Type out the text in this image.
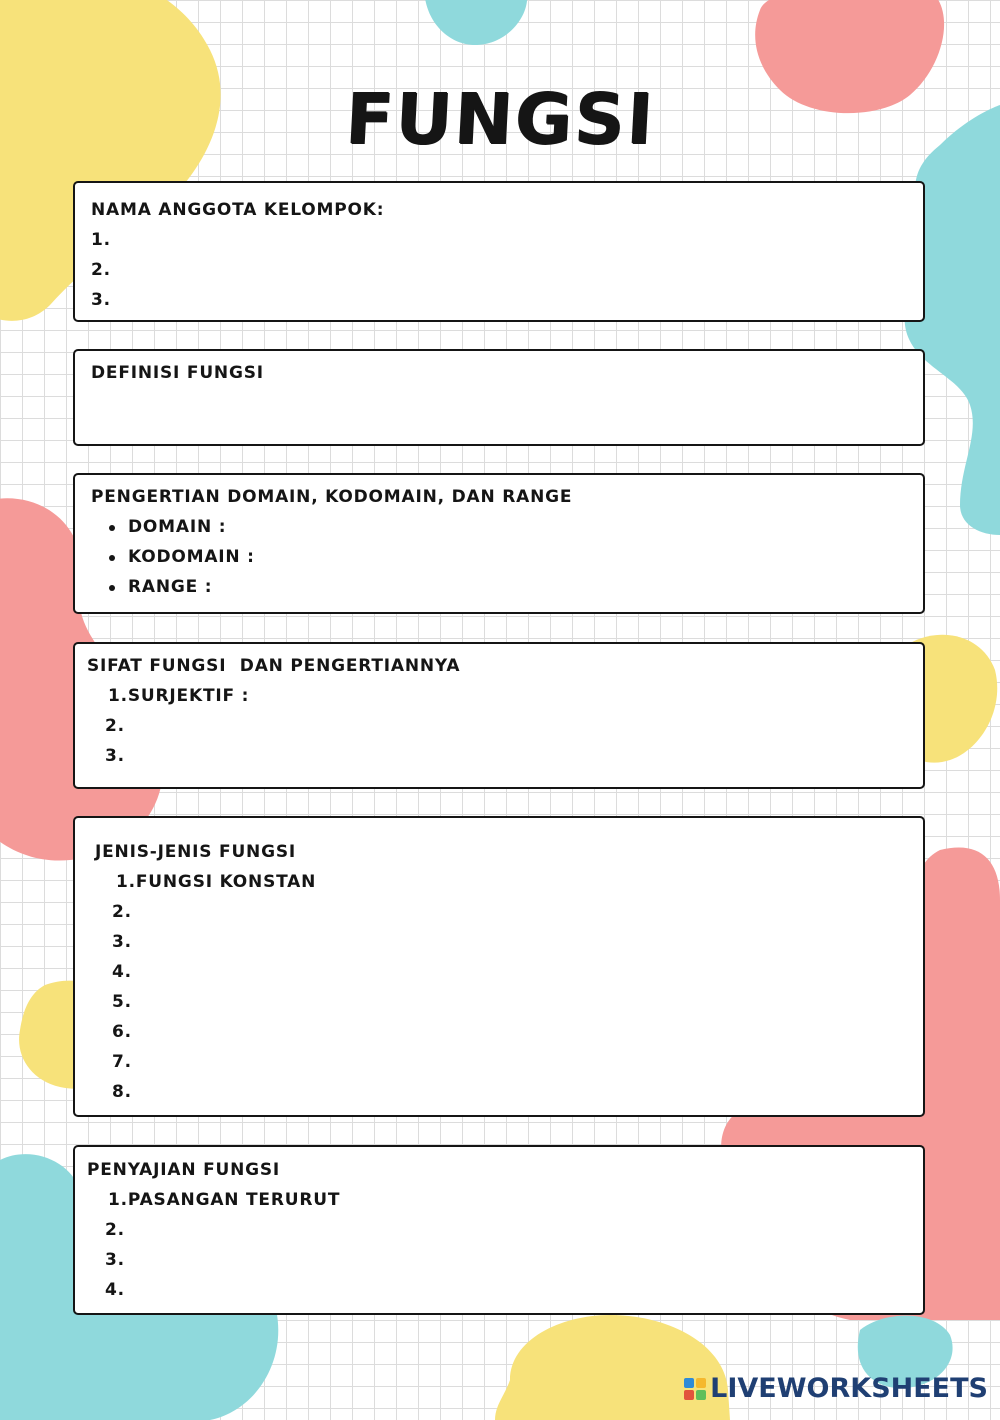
FUNGSI
NAMA ANGGOTA KELOMPOK:
1.
2.
3.
DEFINISI FUNGSI
PENGERTIAN DOMAIN, KODOMAIN, DAN RANGE
DOMAIN :
KODOMAIN :
RANGE :
SIFAT FUNGSI  DAN PENGERTIANNYA
1.SURJEKTIF :
2.
3.
JENIS-JENIS FUNGSI
1.FUNGSI KONSTAN
2.
3.
4.
5.
6.
7.
8.
PENYAJIAN FUNGSI
1.PASANGAN TERURUT
2.
3.
4.
LIVEWORKSHEETS
